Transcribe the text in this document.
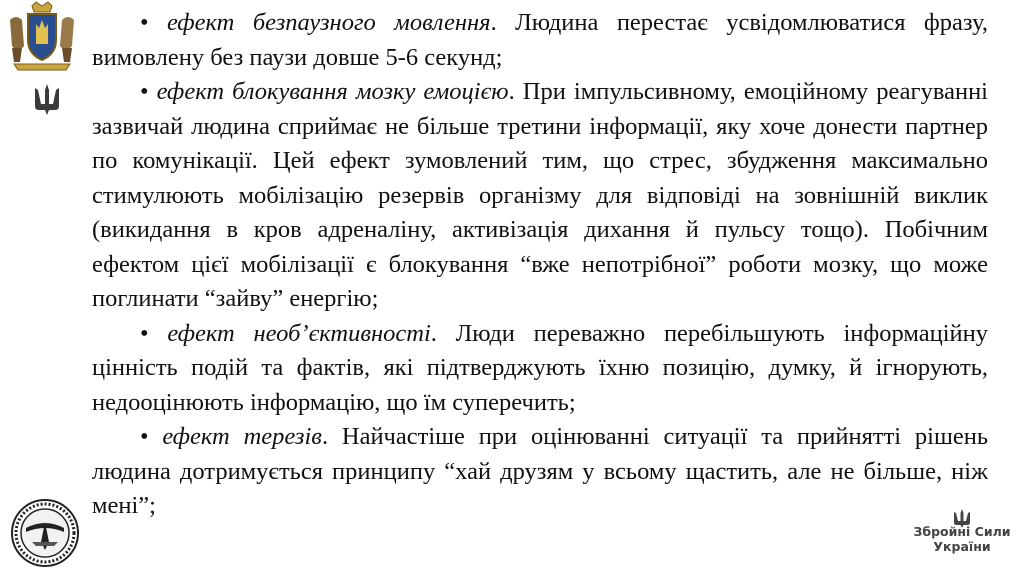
Збройні Сили
України

• ефект безпаузного мовлення. Людина перестає усвідомлюватися фразу, вимовлену без паузи довше 5-6 секунд;

• ефект блокування мозку емоцією. При імпульсивному, емоційному реагуванні зазвичай людина сприймає не більше третини інформації, яку хоче донести партнер по комунікації. Цей ефект зумовлений тим, що стрес, збудження максимально стимулюють мобілізацію резервів організму для відповіді на зовнішній виклик (викидання в кров адреналіну, активізація дихання й пульсу тощо). Побічним ефектом цієї мобілізації є блокування “вже непотрібної” роботи мозку, що може поглинати “зайву” енергію;

• ефект необ’єктивності. Люди переважно перебільшують інформаційну цінність подій та фактів, які підтверджують їхню позицію, думку, й ігнорують, недооцінюють інформацію, що їм суперечить;

• ефект терезів. Найчастіше при оцінюванні ситуації та прийнятті рішень людина дотримується принципу “хай друзям у всьому щастить, але не більше, ніж мені”;
